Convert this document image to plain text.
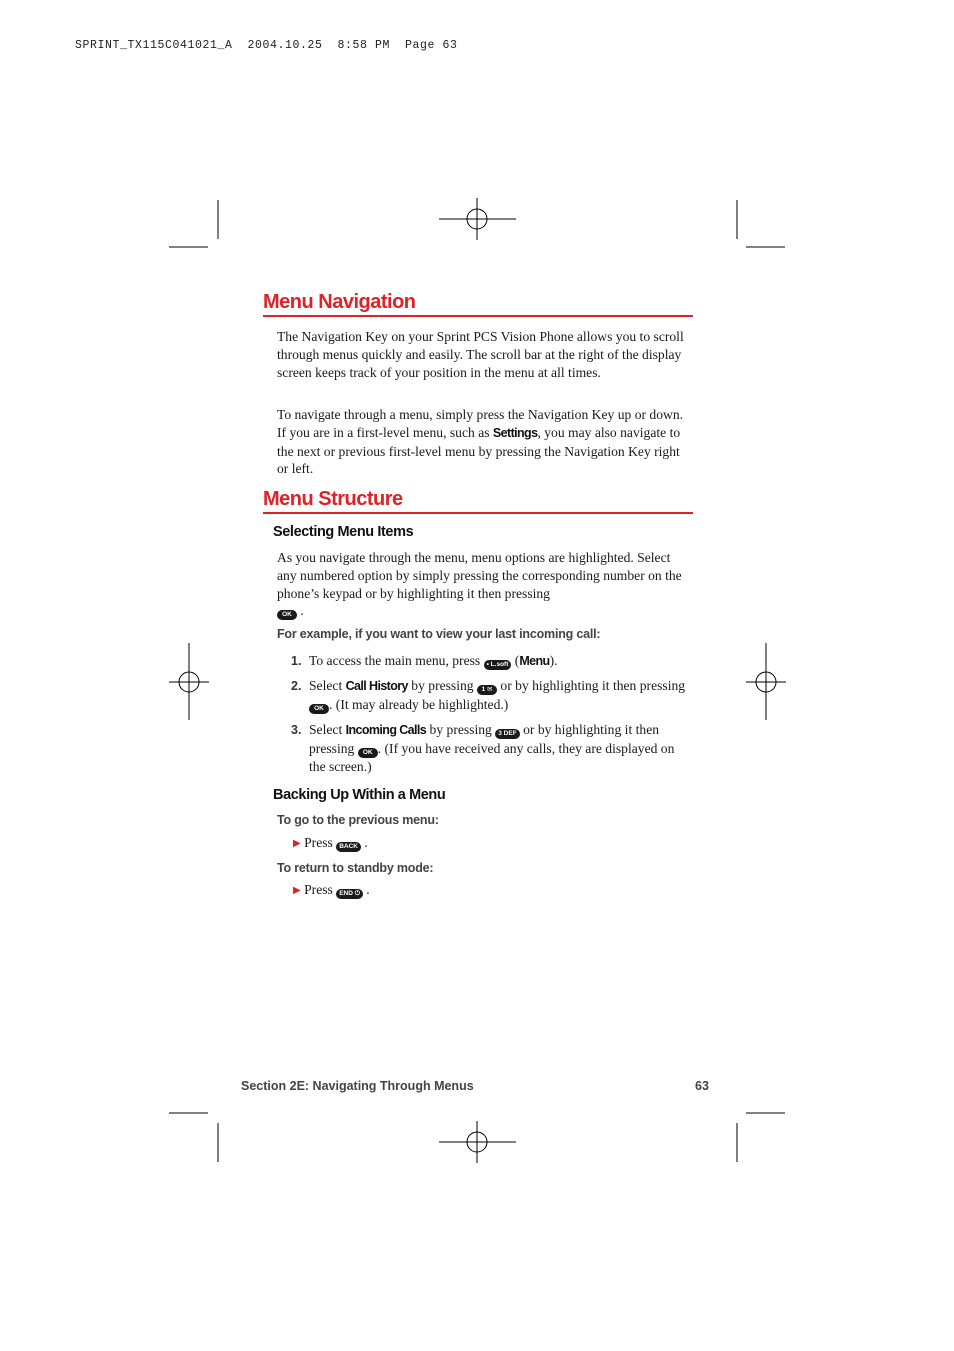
SPRINT_TX115C041021_A  2004.10.25  8:58 PM  Page 63
Menu Navigation
The Navigation Key on your Sprint PCS Vision Phone allows you to scroll through menus quickly and easily. The scroll bar at the right of the display screen keeps track of your position in the menu at all times.
To navigate through a menu, simply press the Navigation Key up or down. If you are in a first-level menu, such as Settings, you may also navigate to the next or previous first-level menu by pressing the Navigation Key right or left.
Menu Structure
Selecting Menu Items
As you navigate through the menu, menu options are highlighted. Select any numbered option by simply pressing the corresponding number on the phone’s keypad or by highlighting it then pressing
OK .
For example, if you want to view your last incoming call:
1. To access the main menu, press • L.soft (Menu).
2. Select Call History by pressing 1 ✉ or by highlighting it then pressing OK . (It may already be highlighted.)
3. Select Incoming Calls by pressing 3 DEF or by highlighting it then pressing OK . (If you have received any calls, they are displayed on the screen.)
Backing Up Within a Menu
To go to the previous menu:
▶ Press BACK .
To return to standby mode:
▶ Press END ⏻ .
Section 2E: Navigating Through Menus	63
